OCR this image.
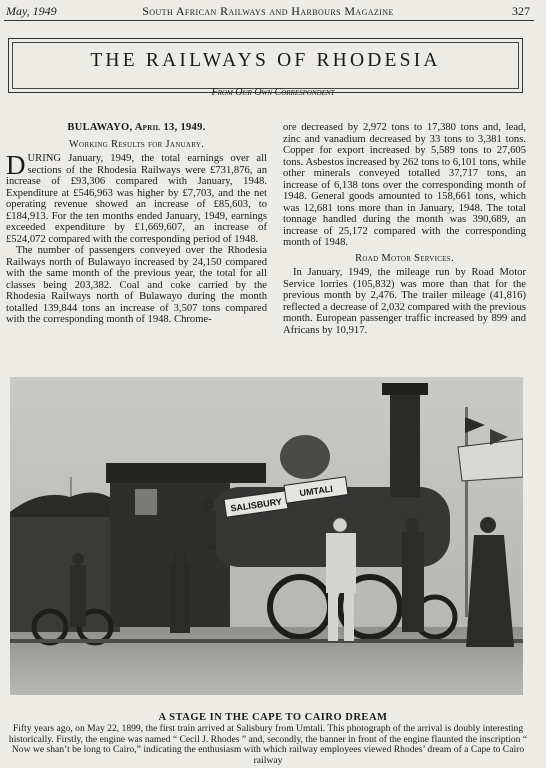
May, 1949	South African Railways and Harbours Magazine	327
THE RAILWAYS OF RHODESIA
From Our Own Correspondent
BULAWAYO, April 13, 1949.
Working Results for January.

DURING January, 1949, the total earnings over all sections of the Rhodesia Railways were £731,876, an increase of £93,306 compared with January, 1948. Expenditure at £546,963 was higher by £7,703, and the net operating revenue showed an increase of £85,603, to £184,913. For the ten months ended January, 1949, earnings exceeded expenditure by £1,669,607, an increase of £524,072 compared with the corresponding period of 1948.

The number of passengers conveyed over the Rhodesia Railways north of Bulawayo increased by 24,150 compared with the same month of the previous year, the total for all classes being 203,382. Coal and coke carried by the Rhodesia Railways north of Bulawayo during the month totalled 139,844 tons an increase of 3,507 tons compared with the corresponding month of 1948. Chrome-

ore decreased by 2,972 tons to 17,380 tons and, lead, zinc and vanadium decreased by 33 tons to 3,381 tons. Copper for export increased by 5,589 tons to 27,605 tons. Asbestos increased by 262 tons to 6,101 tons, while other minerals conveyed totalled 37,717 tons, an increase of 6,138 tons over the corresponding month of 1948. General goods amounted to 158,661 tons, which was 12,681 tons more than in January, 1948. The total tonnage handled during the month was 390,689, an increase of 25,172 compared with the corresponding month of 1948.

Road Motor Services.

In January, 1949, the mileage run by Road Motor Service lorries (105,832) was more than that for the previous month by 2,476. The trailer mileage (41,816) reflected a decrease of 2,032 compared with the previous month. European passenger traffic increased by 899 and Africans by 10,917.

SALISBURY
UMTALI
A STAGE IN THE CAPE TO CAIRO DREAM
Fifty years ago, on May 22, 1899, the first train arrived at Salisbury from Umtali. This photograph of the arrival is doubly interesting historically. Firstly, the engine was named “ Cecil J. Rhodes ” and, secondly, the banner in front of the engine flaunted the inscription “ Now we shan’t be long to Cairo,” indicating the enthusiasm with which railway employees viewed Rhodes’ dream of a Cape to Cairo railway
